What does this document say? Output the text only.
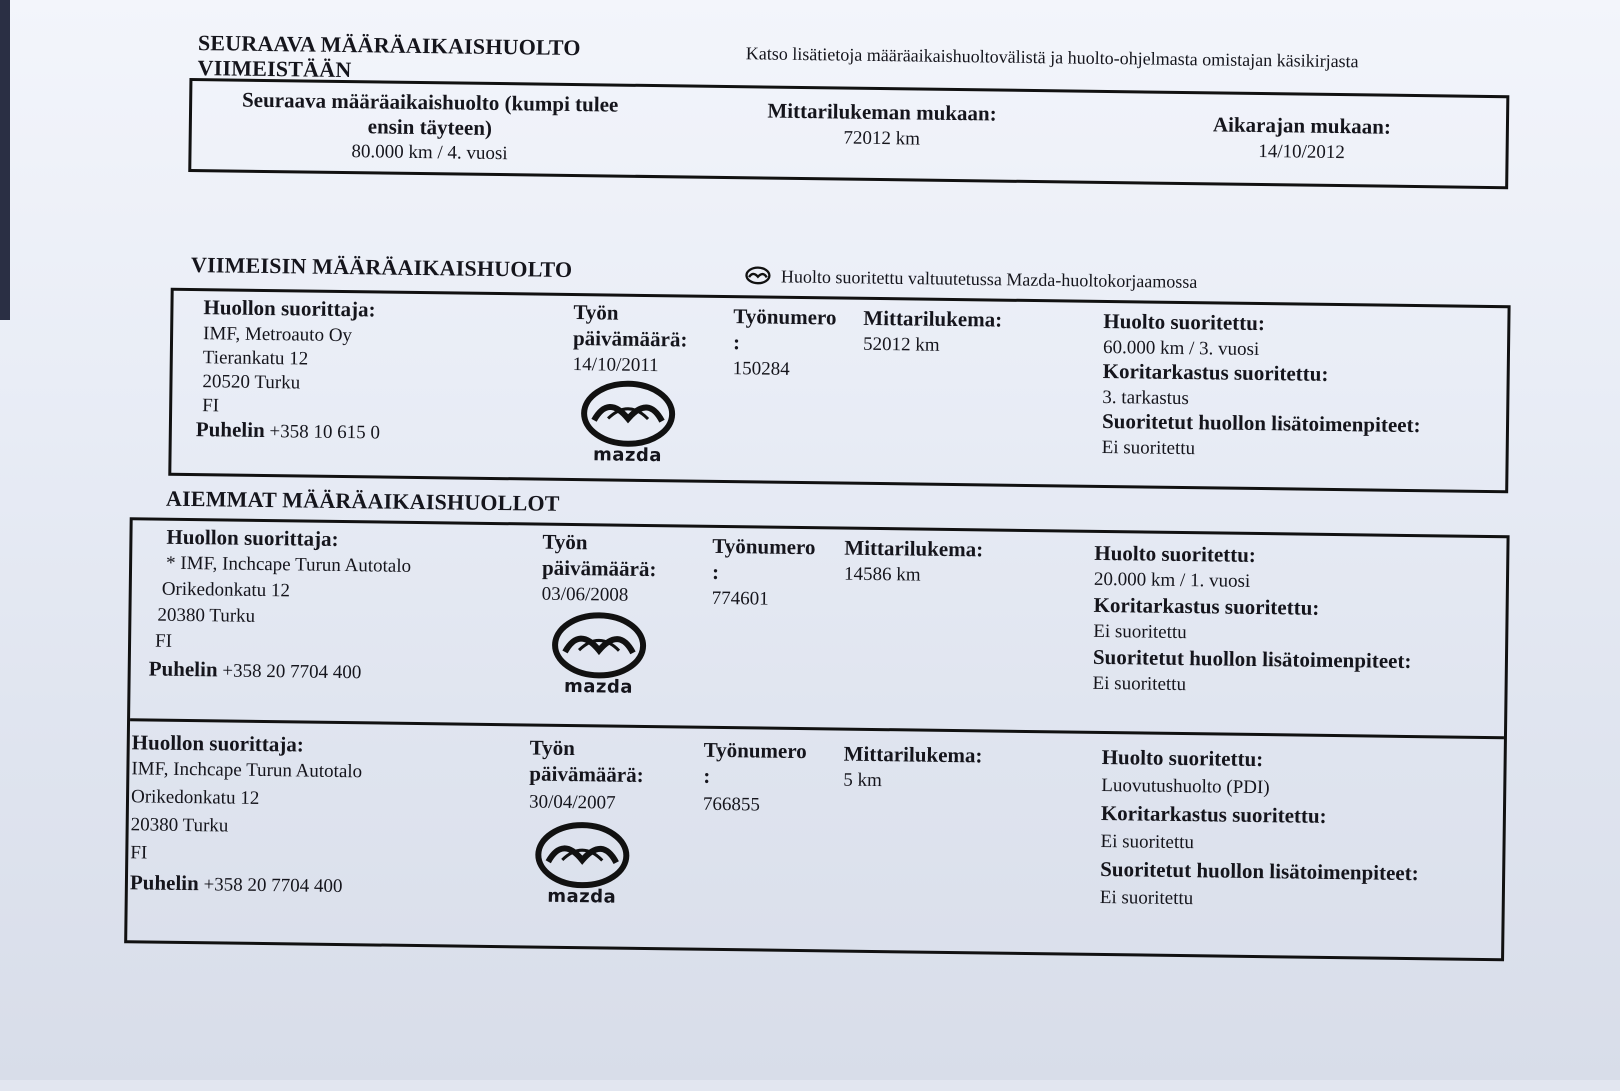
SEURAAVA MÄÄRÄAIKAISHUOLTO VIIMEISTÄÄN	Katso lisätietoja määräaikaishuoltovälistä ja huolto-ohjelmasta omistajan käsikirjasta
Seuraava määräaikaishuolto (kumpi tulee
ensin täyteen)
80.000 km / 4. vuosi
Mittarilukeman mukaan:
72012 km	Aikarajan mukaan:
14/10/2012
VIIMEISIN MÄÄRÄAIKAISHUOLTO	Huolto suoritettu valtuutetussa Mazda-huoltokorjaamossa
Huollon suorittaja:
IMF, Metroauto Oy
Tierankatu 12
20520 Turku
FI
Puhelin +358 10 615 0
Työn
päivämäärä:
14/10/2011
mazda
Työnumero
:
150284
Mittarilukema:
52012 km
Huolto suoritettu:
60.000 km / 3. vuosi
Koritarkastus suoritettu:
3. tarkastus
Suoritetut huollon lisätoimenpiteet:
Ei suoritettu
AIEMMAT MÄÄRÄAIKAISHUOLLOT
Huollon suorittaja:
* IMF, Inchcape Turun Autotalo
Orikedonkatu 12
20380 Turku
FI
Puhelin +358 20 7704 400
Työn
päivämäärä:
03/06/2008
mazda
Työnumero
:
774601
Mittarilukema:
14586 km
Huolto suoritettu:
20.000 km / 1. vuosi
Koritarkastus suoritettu:
Ei suoritettu
Suoritetut huollon lisätoimenpiteet:
Ei suoritettu
Huollon suorittaja:
IMF, Inchcape Turun Autotalo
Orikedonkatu 12
20380 Turku
FI
Puhelin +358 20 7704 400
Työn
päivämäärä:
30/04/2007
mazda
Työnumero
:
766855
Mittarilukema:
5 km
Huolto suoritettu:
Luovutushuolto (PDI)
Koritarkastus suoritettu:
Ei suoritettu
Suoritetut huollon lisätoimenpiteet:
Ei suoritettu
